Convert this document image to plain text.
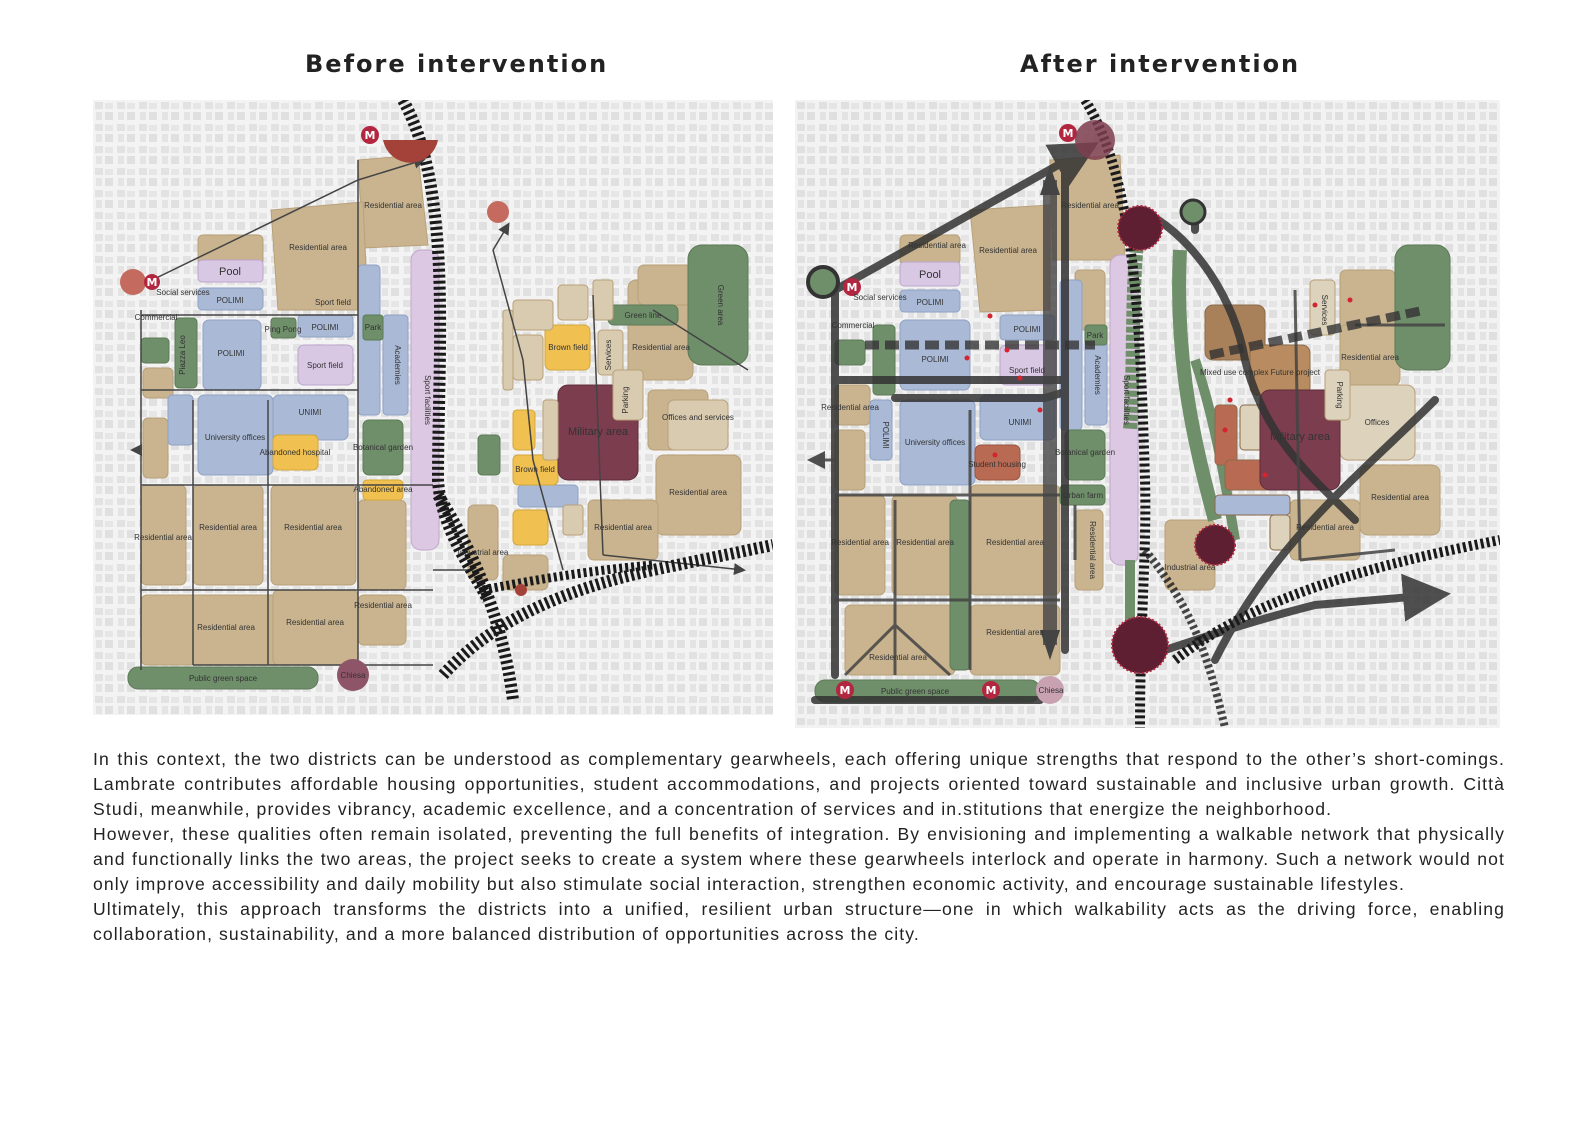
Before intervention	After intervention
M
M
Residential area
Residential area
Pool
POLIMI
POLIMI
POLIMI
Sport field
Sport field
Ping Pong
Piazza Leo
UNIMI
University offices
Abandoned hospital
Park
Academies
Botanical garden
Abandoned area
Sport facilities
Green area
Green line
Residential area
Parking
Services
Brown field
Brown field
Military area
Offices and services
Residential area
Residential area
Industrial area
Residential area
Residential area	Residential area
Residential area
Residential area
Residential area
Public green space	Chiesa
Social services
Commercial
M
M
M	M
Residential area
Residential area
Residential area
Pool
POLIMI
POLIMI
POLIMI
POLIMI
Sport field
UNIMI
University offices
Student housing
Botanical garden
Urban farm
Academies
Park
Sport facilities
Mixed use complex Future project
Military area
Offices
Residential area
Residential area
Residential area
Industrial area
Residential area Residential area	Residential area
Residential area
Residential area
Residential area
Residential area
Public green space	Chiesa
Social services
Commercial
Services
Parking

In this context, the two districts can be understood as complementary gearwheels, each offering unique strengths that respond to the other’s short-comings. Lambrate contributes affordable housing opportunities, student accommodations, and projects oriented toward sustainable and inclusive urban growth. Città Studi, meanwhile, provides vibrancy, academic excellence, and a concentration of services and in.stitutions that energize the neighborhood.

However, these qualities often remain isolated, preventing the full benefits of integration. By envisioning and implementing a walkable network that physically and functionally links the two areas, the project seeks to create a system where these gearwheels interlock and operate in harmony. Such a network would not only improve accessibility and daily mobility but also stimulate social interaction, strengthen economic activity, and encourage sustainable lifestyles.

Ultimately, this approach transforms the districts into a unified, resilient urban structure—one in which walkability acts as the driving force, enabling collaboration, sustainability, and a more balanced distribution of opportunities across the city.
